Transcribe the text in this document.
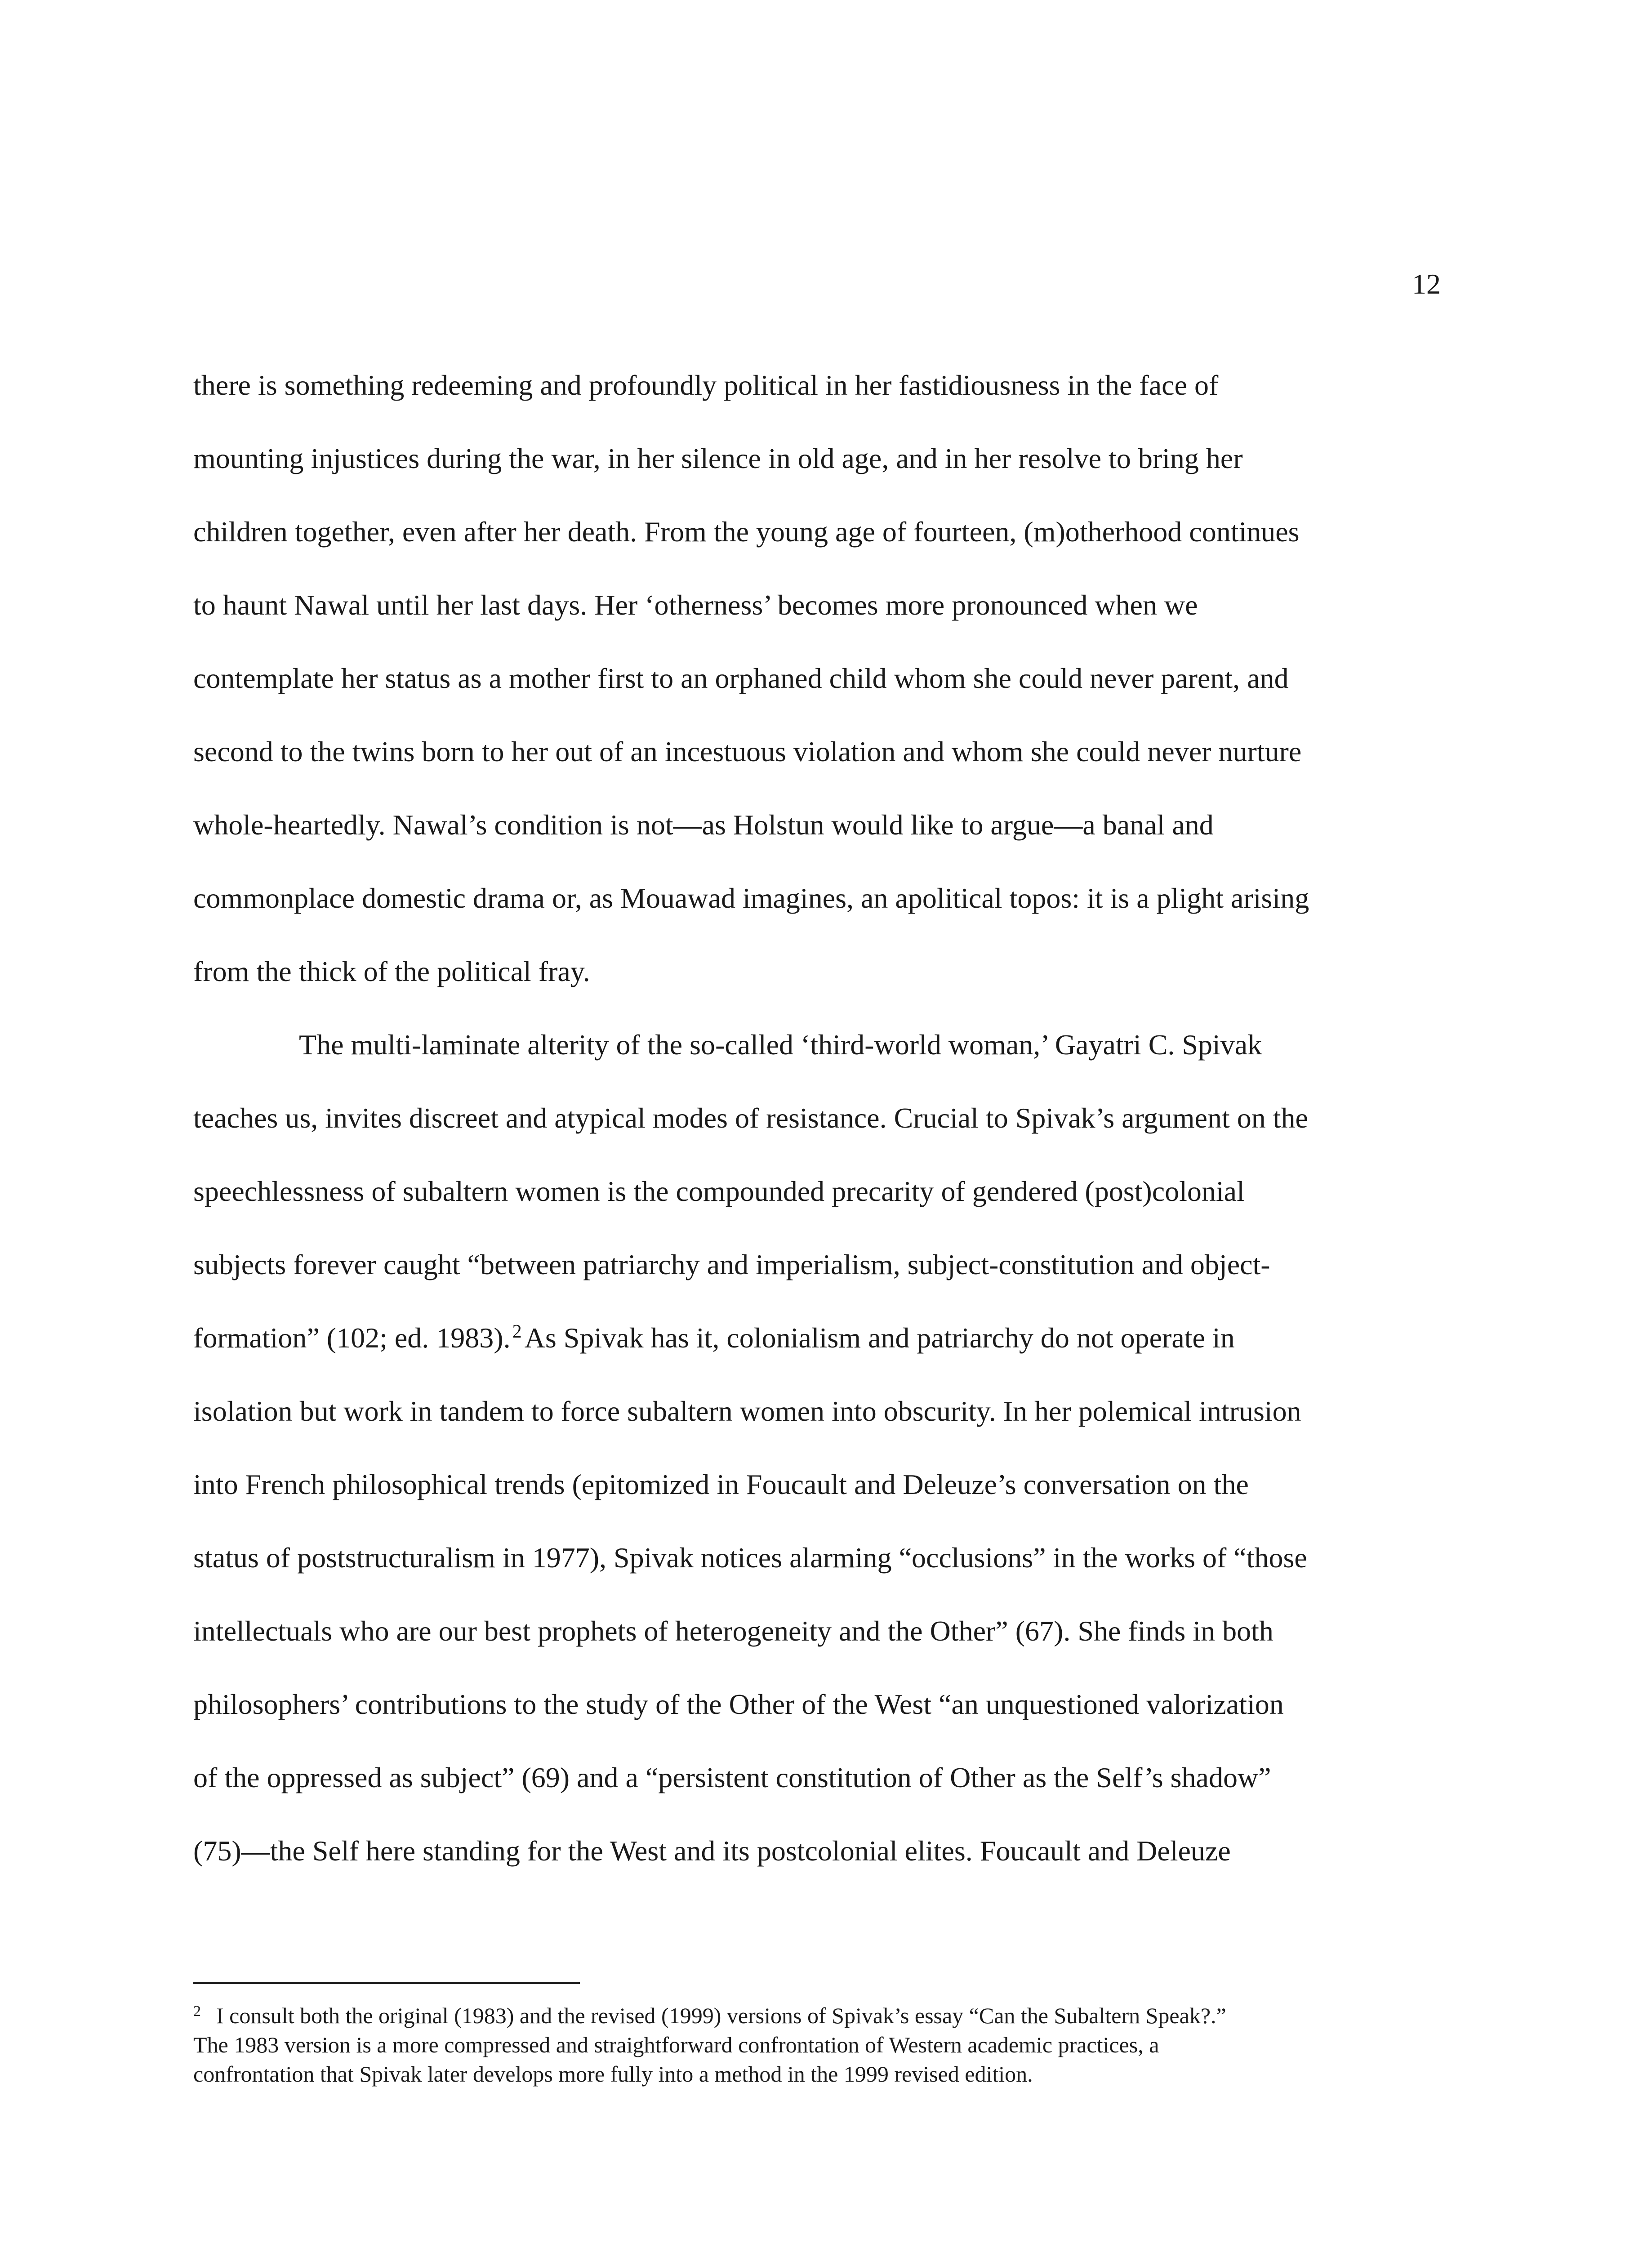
12
there is something redeeming and profoundly political in her fastidiousness in the face of
mounting injustices during the war, in her silence in old age, and in her resolve to bring her
children together, even after her death. From the young age of fourteen, (m)otherhood continues
to haunt Nawal until her last days. Her ‘otherness’ becomes more pronounced when we
contemplate her status as a mother first to an orphaned child whom she could never parent, and
second to the twins born to her out of an incestuous violation and whom she could never nurture
whole-heartedly. Nawal’s condition is not—as Holstun would like to argue—a banal and
commonplace domestic drama or, as Mouawad imagines, an apolitical topos: it is a plight arising
from the thick of the political fray.
The multi-laminate alterity of the so-called ‘third-world woman,’ Gayatri C. Spivak
teaches us, invites discreet and atypical modes of resistance. Crucial to Spivak’s argument on the
speechlessness of subaltern women is the compounded precarity of gendered (post)colonial
subjects forever caught “between patriarchy and imperialism, subject-constitution and object-
formation” (102; ed. 1983).$^2$As Spivak has it, colonialism and patriarchy do not operate in
isolation but work in tandem to force subaltern women into obscurity. In her polemical intrusion
into French philosophical trends (epitomized in Foucault and Deleuze’s conversation on the
status of poststructuralism in 1977), Spivak notices alarming “occlusions” in the works of “those
intellectuals who are our best prophets of heterogeneity and the Other” (67). She finds in both
philosophers’ contributions to the study of the Other of the West “an unquestioned valorization
of the oppressed as subject” (69) and a “persistent constitution of Other as the Self’s shadow”
(75)—the Self here standing for the West and its postcolonial elites. Foucault and Deleuze
$^2$ I consult both the original (1983) and the revised (1999) versions of Spivak’s essay “Can the Subaltern Speak?.”
The 1983 version is a more compressed and straightforward confrontation of Western academic practices, a
confrontation that Spivak later develops more fully into a method in the 1999 revised edition.
